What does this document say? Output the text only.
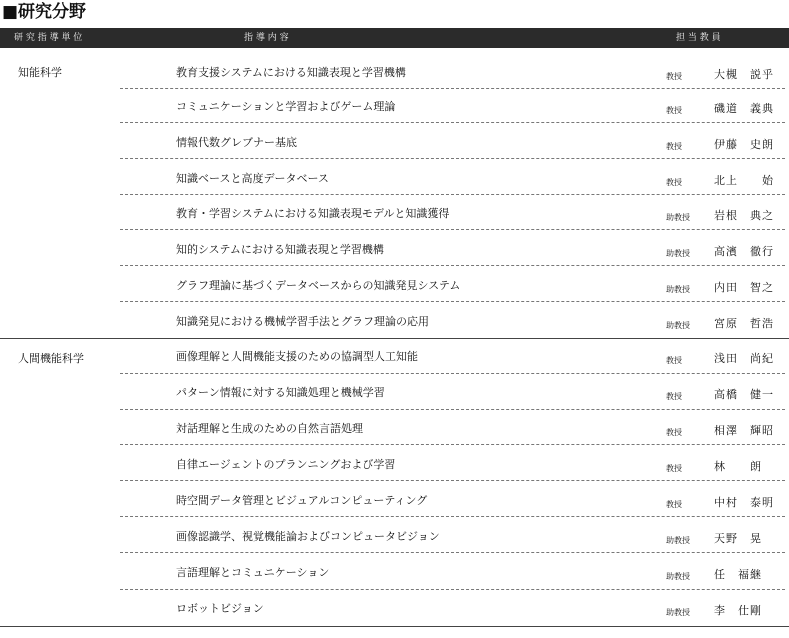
■研究分野
研 究 指 導 単 位	指 導 内 容	担 当 教 員
知能科学	教育支援システムにおける知識表現と学習機構	教授	大槻　説乎
コミュニケーションと学習およびゲーム理論	教授	磯道　義典
情報代数グレブナー基底	教授	伊藤　史朗
知識ベースと高度データベース	教授	北上　　始
教育・学習システムにおける知識表現モデルと知識獲得	助教授 岩根　典之
知的システムにおける知識表現と学習機構	助教授 高濱　徹行
グラフ理論に基づくデータベースからの知識発見システム	助教授 内田　智之
知識発見における機械学習手法とグラフ理論の応用	助教授 宮原　哲浩
人間機能科学	画像理解と人間機能支援のための協調型人工知能	教授	浅田　尚紀
パターン情報に対する知識処理と機械学習	教授	高橋　健一
対話理解と生成のための自然言語処理	教授	相澤　輝昭
自律エージェントのプランニングおよび学習	教授	林　　朗
時空間データ管理とビジュアルコンピューティング	教授	中村　泰明
画像認識学、視覚機能論およびコンピュータビジョン	助教授 天野　晃
言語理解とコミュニケーション	助教授 任　福継
ロボットビジョン	助教授 李　仕剛
